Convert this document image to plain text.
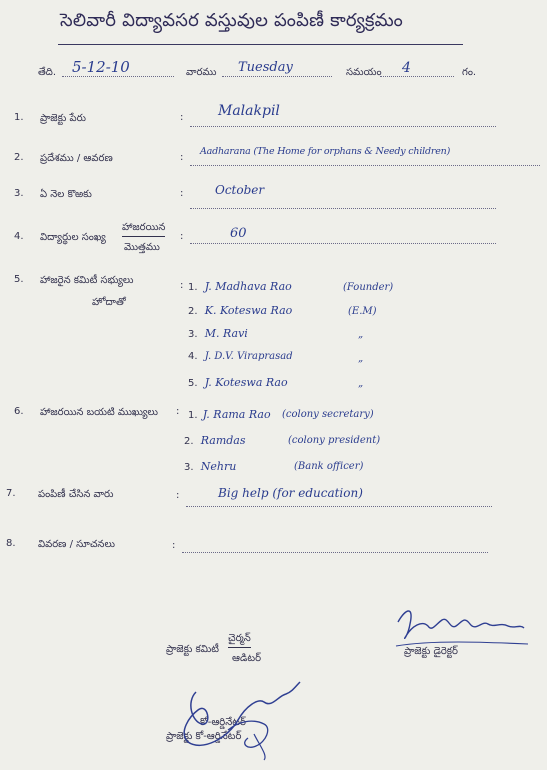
సెలివారీ విద్యావసర వస్తువుల పంపిణీ కార్యక్రమం
తేది. 5-12-10	వారము Tuesday	సమయం 4	గం.
1. ప్రాజెక్టు పేరు	: Malakpil
2. ప్రదేశము / ఆవరణ	:
Aadharana (The Home for orphans & Needy children)
3. ఏ నెల కొఱకు	:	October
4. విద్యార్థుల సంఖ్య
హాజరయిన
మొత్తము
:	60
5. హాజరైన కమిటీ సభ్యులు
హోదాతో
: 1. J. Madhava Rao	(Founder)
2. K. Koteswa Rao	(E.M)
3. M. Ravi	„
4. J. D.V. Viraprasad	„
5. J. Koteswa Rao	„
6. హాజరయిన బయటి ముఖ్యులు : 1. J. Rama Rao (colony secretary)
2. Ramdas	(colony president)
3. Nehru	(Bank officer)
7. పంపిణీ చేసిన వారు	:	Big help (for education)
8. వివరణ / సూచనలు	:
ప్రాజెక్టు కమిటీ
చైర్మన్
ఆడిటర్
ప్రాజెక్టు డైరెక్టర్
కో-ఆర్డినేటర్
ప్రాజెక్టు కో-ఆర్డినేటర్
